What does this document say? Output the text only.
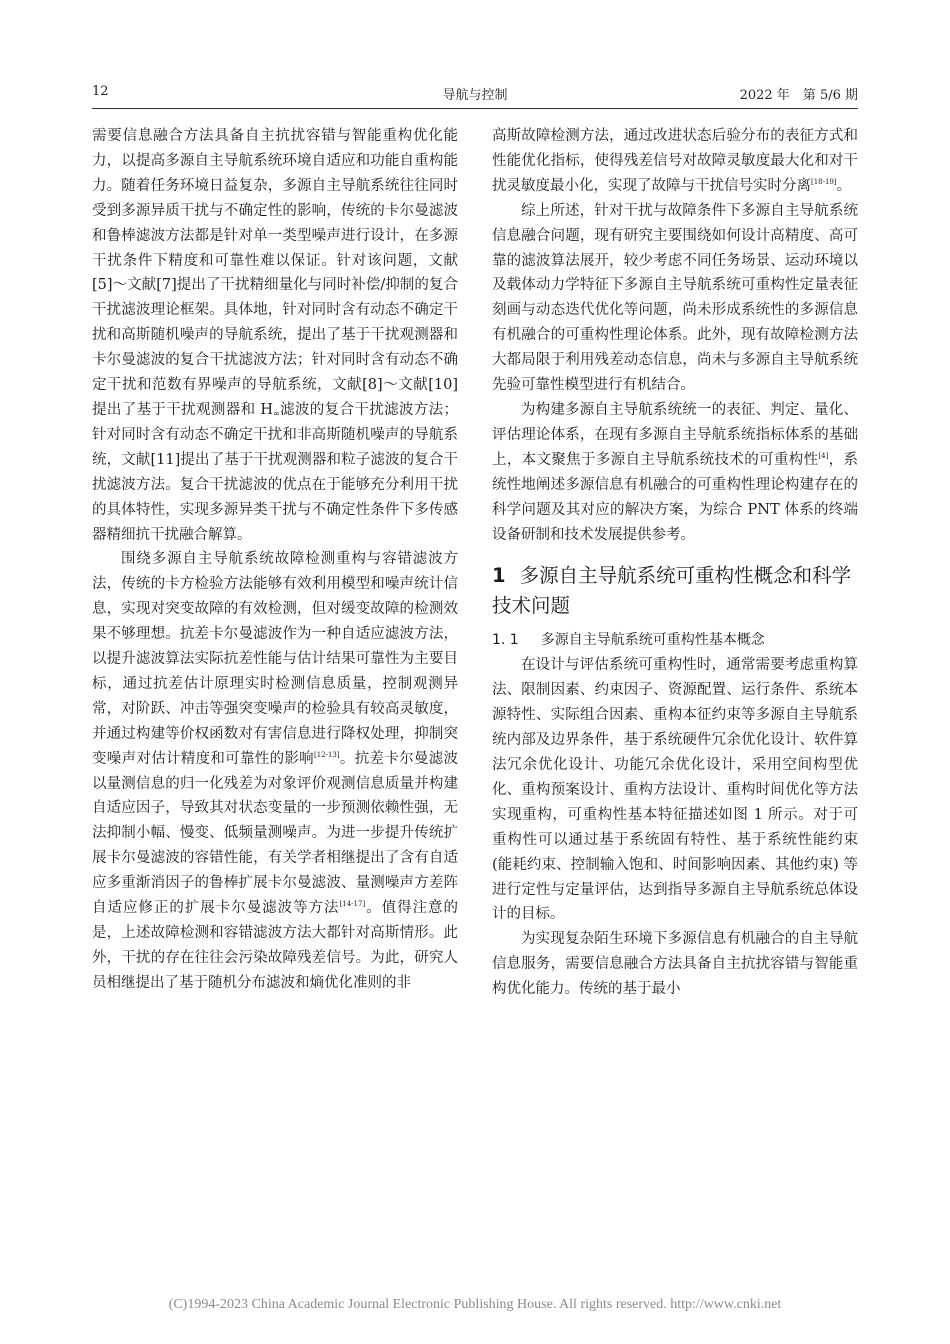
12	导航与控制	2022 年　第 5/6 期

需要信息融合方法具备自主抗扰容错与智能重构优化能力，以提高多源自主导航系统环境自适应和功能自重构能力。随着任务环境日益复杂，多源自主导航系统往往同时受到多源异质干扰与不确定性的影响，传统的卡尔曼滤波和鲁棒滤波方法都是针对单一类型噪声进行设计，在多源干扰条件下精度和可靠性难以保证。针对该问题，文献[5]～文献[7]提出了干扰精细量化与同时补偿/抑制的复合干扰滤波理论框架。具体地，针对同时含有动态不确定干扰和高斯随机噪声的导航系统，提出了基于干扰观测器和卡尔曼滤波的复合干扰滤波方法；针对同时含有动态不确定干扰和范数有界噪声的导航系统，文献[8]～文献[10]提出了基于干扰观测器和 $H_\infty$滤波的复合干扰滤波方法；针对同时含有动态不确定干扰和非高斯随机噪声的导航系统，文献[11]提出了基于干扰观测器和粒子滤波的复合干扰滤波方法。复合干扰滤波的优点在于能够充分利用干扰的具体特性，实现多源异类干扰与不确定性条件下多传感器精细抗干扰融合解算。

围绕多源自主导航系统故障检测重构与容错滤波方法，传统的卡方检验方法能够有效利用模型和噪声统计信息，实现对突变故障的有效检测，但对缓变故障的检测效果不够理想。抗差卡尔曼滤波作为一种自适应滤波方法，以提升滤波算法实际抗差性能与估计结果可靠性为主要目标，通过抗差估计原理实时检测信息质量，控制观测异常，对阶跃、冲击等强突变噪声的检验具有较高灵敏度，并通过构建等价权函数对有害信息进行降权处理，抑制突变噪声对估计精度和可靠性的影响[12-13]。抗差卡尔曼滤波以量测信息的归一化残差为对象评价观测信息质量并构建自适应因子，导致其对状态变量的一步预测依赖性强，无法抑制小幅、慢变、低频量测噪声。为进一步提升传统扩展卡尔曼滤波的容错性能，有关学者相继提出了含有自适应多重渐消因子的鲁棒扩展卡尔曼滤波、量测噪声方差阵自适应修正的扩展卡尔曼滤波等方法[14-17]。值得注意的是，上述故障检测和容错滤波方法大都针对高斯情形。此外，干扰的存在往往会污染故障残差信号。为此，研究人员相继提出了基于随机分布滤波和熵优化准则的非

高斯故障检测方法，通过改进状态后验分布的表征方式和性能优化指标，使得残差信号对故障灵敏度最大化和对干扰灵敏度最小化，实现了故障与干扰信号实时分离[18-19]。

综上所述，针对干扰与故障条件下多源自主导航系统信息融合问题，现有研究主要围绕如何设计高精度、高可靠的滤波算法展开，较少考虑不同任务场景、运动环境以及载体动力学特征下多源自主导航系统可重构性定量表征刻画与动态迭代优化等问题，尚未形成系统性的多源信息有机融合的可重构性理论体系。此外，现有故障检测方法大都局限于利用残差动态信息，尚未与多源自主导航系统先验可靠性模型进行有机结合。

为构建多源自主导航系统统一的表征、判定、量化、评估理论体系，在现有多源自主导航系统指标体系的基础上，本文聚焦于多源自主导航系统技术的可重构性[4]，系统性地阐述多源信息有机融合的可重构性理论构建存在的科学问题及其对应的解决方案，为综合 PNT 体系的终端设备研制和技术发展提供参考。

1 多源自主导航系统可重构性概念和科学技术问题
1. 1 多源自主导航系统可重构性基本概念

在设计与评估系统可重构性时，通常需要考虑重构算法、限制因素、约束因子、资源配置、运行条件、系统本源特性、实际组合因素、重构本征约束等多源自主导航系统内部及边界条件，基于系统硬件冗余优化设计、软件算法冗余优化设计、功能冗余优化设计，采用空间构型优化、重构预案设计、重构方法设计、重构时间优化等方法实现重构，可重构性基本特征描述如图 1 所示。对于可重构性可以通过基于系统固有特性、基于系统性能约束(能耗约束、控制输入饱和、时间影响因素、其他约束) 等进行定性与定量评估，达到指导多源自主导航系统总体设计的目标。

为实现复杂陌生环境下多源信息有机融合的自主导航信息服务，需要信息融合方法具备自主抗扰容错与智能重构优化能力。传统的基于最小

(C)1994-2023 China Academic Journal Electronic Publishing House. All rights reserved. http://www.cnki.net
